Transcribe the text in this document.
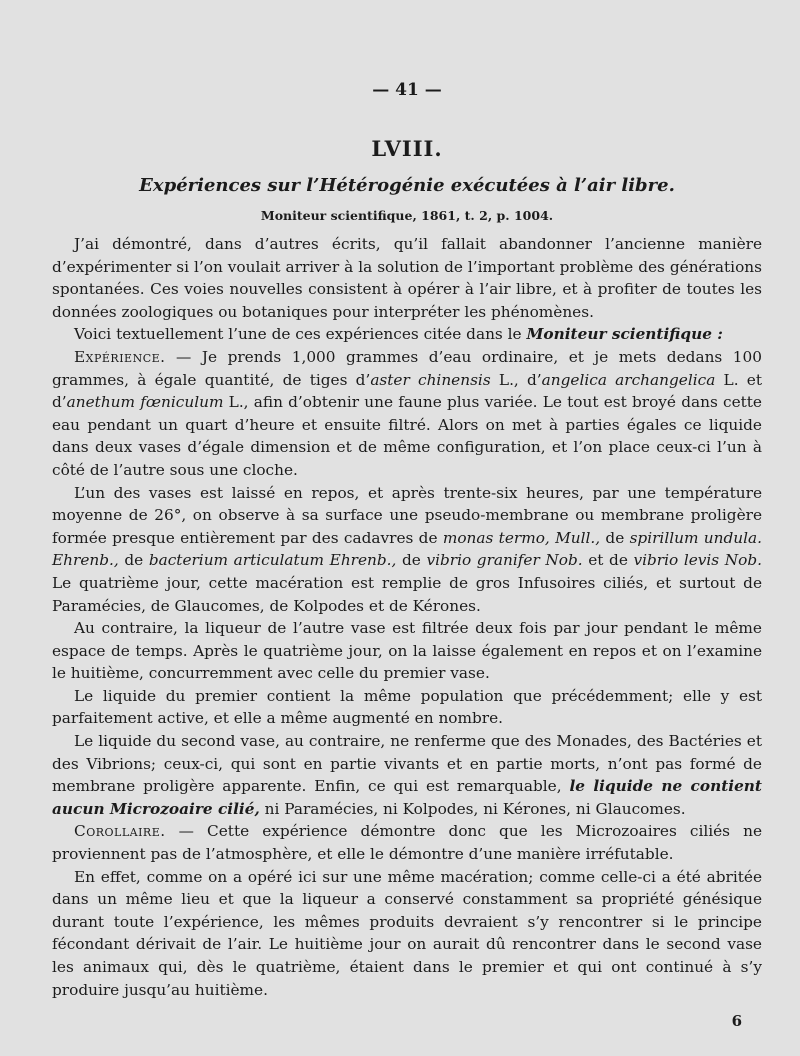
— 41 —
LVIII.
Expériences sur l’Hétérogénie exécutées à l’air libre.
Moniteur scientifique, 1861, t. 2, p. 1004.

J’ai démontré, dans d’autres écrits, qu’il fallait abandonner l’ancienne manière d’expérimenter si l’on voulait arriver à la solution de l’important problème des générations spontanées. Ces voies nouvelles consistent à opérer à l’air libre, et à profiter de toutes les données zoologiques ou botaniques pour interpréter les phénomènes.

Voici textuellement l’une de ces expériences citée dans le Moniteur scientifique :

Expérience. — Je prends 1,000 grammes d’eau ordinaire, et je mets dedans 100 grammes, à égale quantité, de tiges d’aster chinensis L., d’angelica archangelica L. et d’anethum fœniculum L., afin d’obtenir une faune plus variée. Le tout est broyé dans cette eau pendant un quart d’heure et ensuite filtré. Alors on met à parties égales ce liquide dans deux vases d’égale dimension et de même configuration, et l’on place ceux-ci l’un à côté de l’autre sous une cloche.

L’un des vases est laissé en repos, et après trente-six heures, par une température moyenne de 26°, on observe à sa surface une pseudo-membrane ou membrane proligère formée presque entièrement par des cadavres de monas termo, Mull., de spirillum undula. Ehrenb., de bacterium articulatum Ehrenb., de vibrio granifer Nob. et de vibrio levis Nob. Le quatrième jour, cette macération est remplie de gros Infusoires ciliés, et surtout de Paramécies, de Glaucomes, de Kolpodes et de Kérones.

Au contraire, la liqueur de l’autre vase est filtrée deux fois par jour pendant le même espace de temps. Après le quatrième jour, on la laisse également en repos et on l’examine le huitième, concurremment avec celle du premier vase.

Le liquide du premier contient la même population que précédemment; elle y est parfaitement active, et elle a même augmenté en nombre.

Le liquide du second vase, au contraire, ne renferme que des Monades, des Bactéries et des Vibrions; ceux-ci, qui sont en partie vivants et en partie morts, n’ont pas formé de membrane proligère apparente. Enfin, ce qui est remarquable, le liquide ne contient aucun Microzoaire cilié, ni Paramécies, ni Kolpodes, ni Kérones, ni Glaucomes.

Corollaire. — Cette expérience démontre donc que les Microzoaires ciliés ne proviennent pas de l’atmosphère, et elle le démontre d’une manière irréfutable.

En effet, comme on a opéré ici sur une même macération; comme celle-ci a été abritée dans un même lieu et que la liqueur a conservé constamment sa propriété génésique durant toute l’expérience, les mêmes produits devraient s’y rencontrer si le principe fécondant dérivait de l’air. Le huitième jour on aurait dû rencontrer dans le second vase les animaux qui, dès le quatrième, étaient dans le premier et qui ont continué à s’y produire jusqu’au huitième.

6
